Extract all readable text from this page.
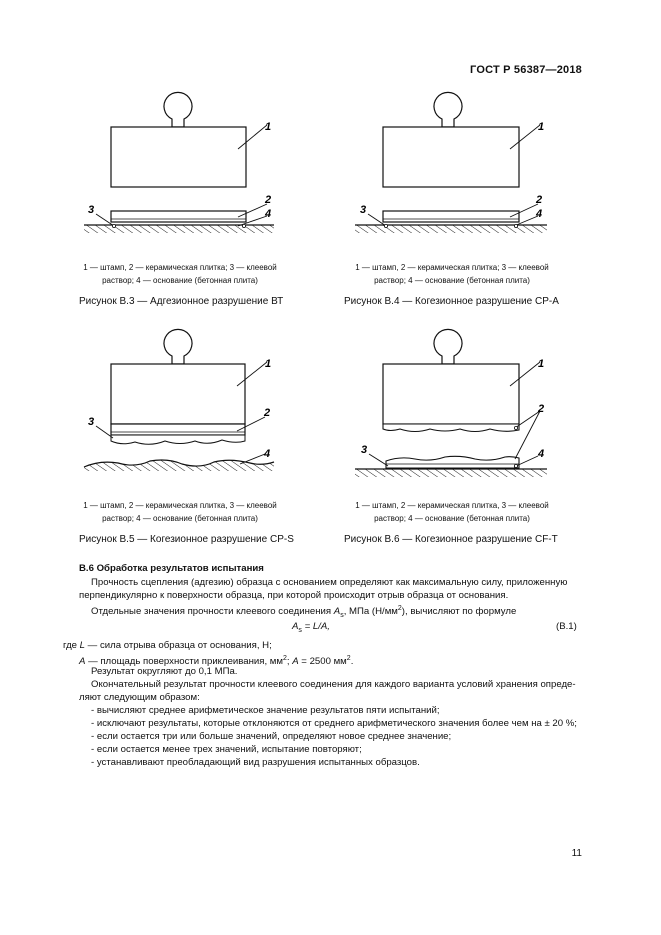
ГОСТ Р 56387—2018
1
2
4
3
1
2
4
3
1
2
4
3
1
2
4
3
1 — штамп, 2 — керамическая плитка; 3 — клеевой
раствор; 4 — основание (бетонная плита)
1 — штамп, 2 — керамическая плитка; 3 — клеевой
раствор; 4 — основание (бетонная плита)
1 — штамп, 2 — керамическая плитка, 3 — клеевой
раствор; 4 — основание (бетонная плита)
1 — штамп, 2 — керамическая плитка, 3 — клеевой
раствор; 4 — основание (бетонная плита)
Рисунок В.3 — Адгезионное разрушение ВТ	Рисунок В.4 — Когезионное разрушение СР-А
Рисунок В.5 — Когезионное разрушение СР-S	Рисунок В.6 — Когезионное разрушение СF-Т
В.6 Обработка результатов испытания
Прочность сцепления (адгезию) образца с основанием определяют как максимальную силу, приложенную
перпендикулярно к поверхности образца, при которой происходит отрыв образца от основания.
Отдельные значения прочности клеевого соединения $A_s$, МПа $(Н/мм^2)$, вычисляют по формуле
$A_s = L/A$,	(В.1)
где L — сила отрыва образца от основания, Н;
A — площадь поверхности приклеивания, $мм^2$; A = 2500 $мм^2$.
Результат округляют до 0,1 МПа.
Окончательный результат прочности клеевого соединения для каждого варианта условий хранения опреде-
ляют следующим образом:
- вычисляют среднее арифметическое значение результатов пяти испытаний;
- исключают результаты, которые отклоняются от среднего арифметического значения более чем на ± 20 %;
- если остается три или больше значений, определяют новое среднее значение;
- если остается менее трех значений, испытание повторяют;
- устанавливают преобладающий вид разрушения испытанных образцов.
11
